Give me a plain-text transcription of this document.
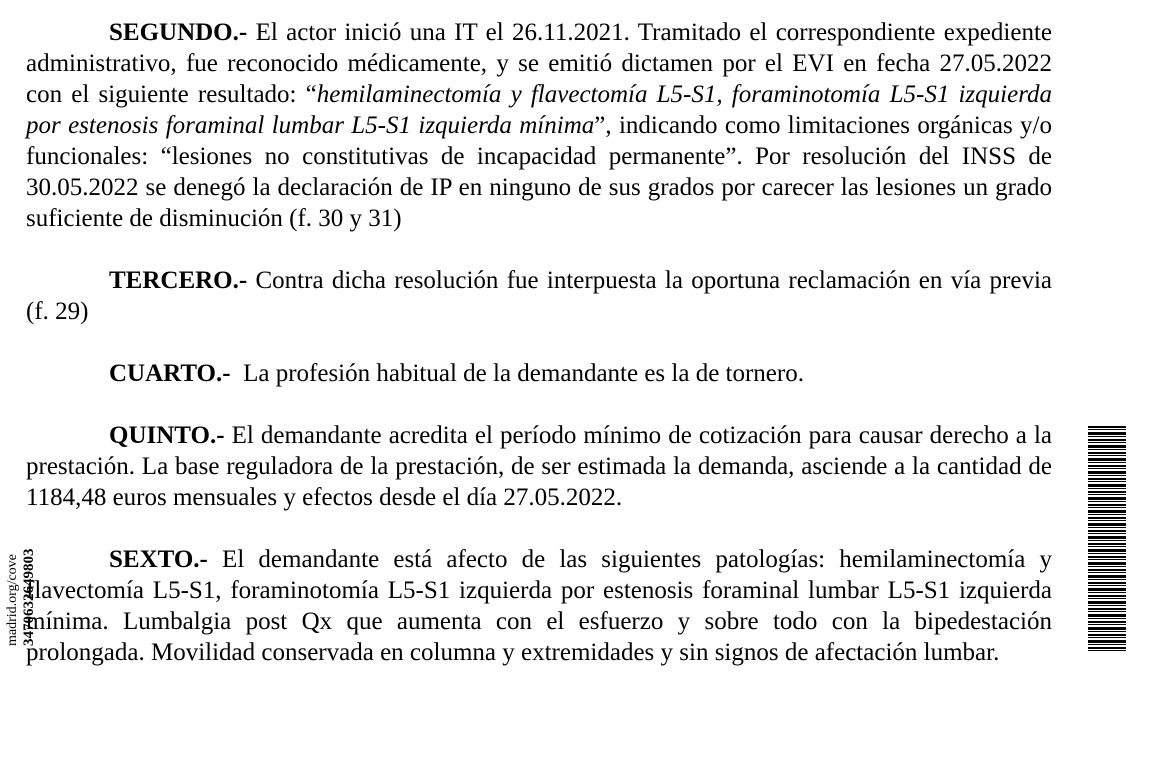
SEGUNDO.- El actor inició una IT el 26.11.2021. Tramitado el correspondiente expediente administrativo, fue reconocido médicamente, y se emitió dictamen por el EVI en fecha 27.05.2022 con el siguiente resultado: “hemilaminectomía y flavectomía L5-S1, foraminotomía L5-S1 izquierda por estenosis foraminal lumbar L5-S1 izquierda mínima”, indicando como limitaciones orgánicas y/o funcionales: “lesiones no constitutivas de incapacidad permanente”. Por resolución del INSS de 30.05.2022 se denegó la declaración de IP en ninguno de sus grados por carecer las lesiones un grado suficiente de disminución (f. 30 y 31)

TERCERO.- Contra dicha resolución fue interpuesta la oportuna reclamación en vía previa (f. 29)

CUARTO.-  La profesión habitual de la demandante es la de tornero.

QUINTO.- El demandante acredita el período mínimo de cotización para causar derecho a la prestación. La base reguladora de la prestación, de ser estimada la demanda, asciende a la cantidad de 1184,48 euros mensuales y efectos desde el día 27.05.2022.

SEXTO.- El demandante está afecto de las siguientes patologías: hemilaminectomía y flavectomía L5-S1, foraminotomía L5-S1 izquierda por estenosis foraminal lumbar L5-S1 izquierda mínima. Lumbalgia post Qx que aumenta con el esfuerzo y sobre todo con la bipedestación prolongada. Movilidad conservada en columna y extremidades y sin signos de afectación lumbar.

madrid.org/cove 3470632649803
